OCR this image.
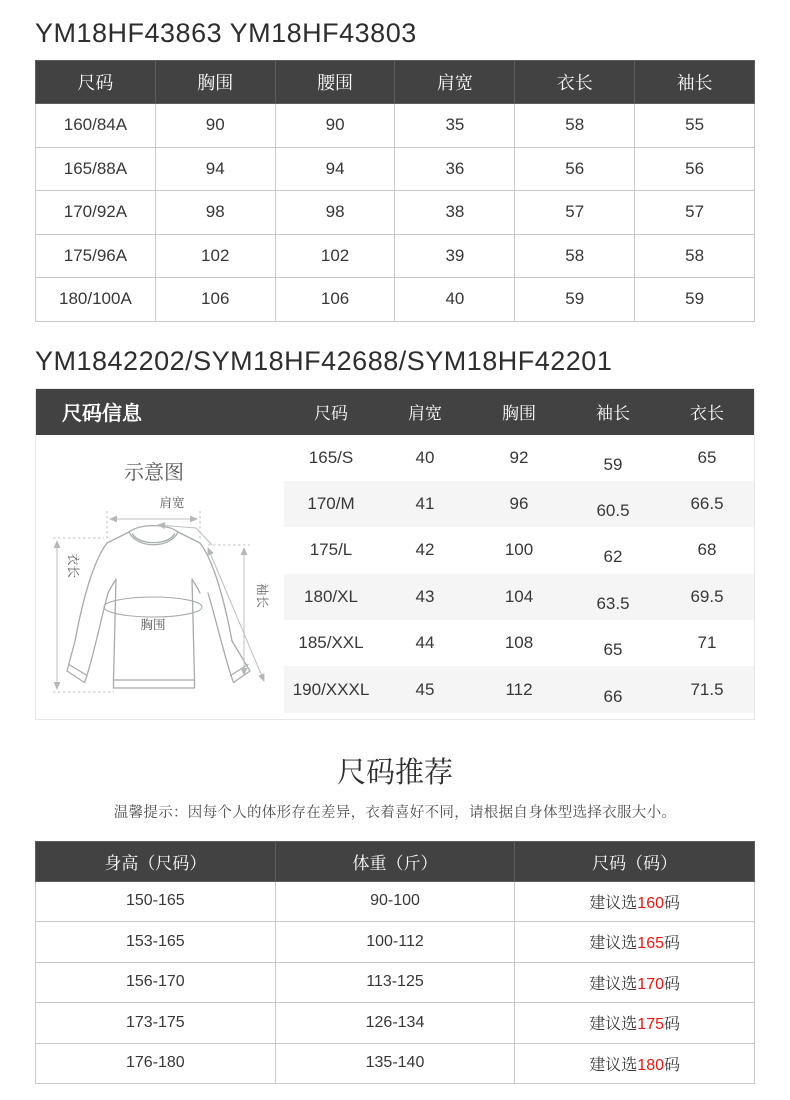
YM18HF43863 YM18HF43803
尺码	胸围	腰围	肩宽	衣长	袖长
160/84A	90	90	35	58	55
165/88A	94	94	36	56	56
170/92A	98	98	38	57	57
175/96A	102	102	39	58	58
180/100A	106	106	40	59	59
YM1842202/SYM18HF42688/SYM18HF42201
尺码信息	尺码	肩宽	胸围	袖长	衣长
示意图
肩宽
衣长
袖长
胸围
165/S	40	92	59	65
170/M	41	96	60.5	66.5
175/L	42	100	62	68
180/XL	43	104	63.5	69.5
185/XXL	44	108	65	71
190/XXXL	45	112	66	71.5
尺码推荐
温馨提示：因每个人的体形存在差异，衣着喜好不同，请根据自身体型选择衣服大小。
身高（尺码）	体重（斤）	尺码（码）
150-165	90-100	建议选160码
153-165	100-112	建议选165码
156-170	113-125	建议选170码
173-175	126-134	建议选175码
176-180	135-140	建议选180码
